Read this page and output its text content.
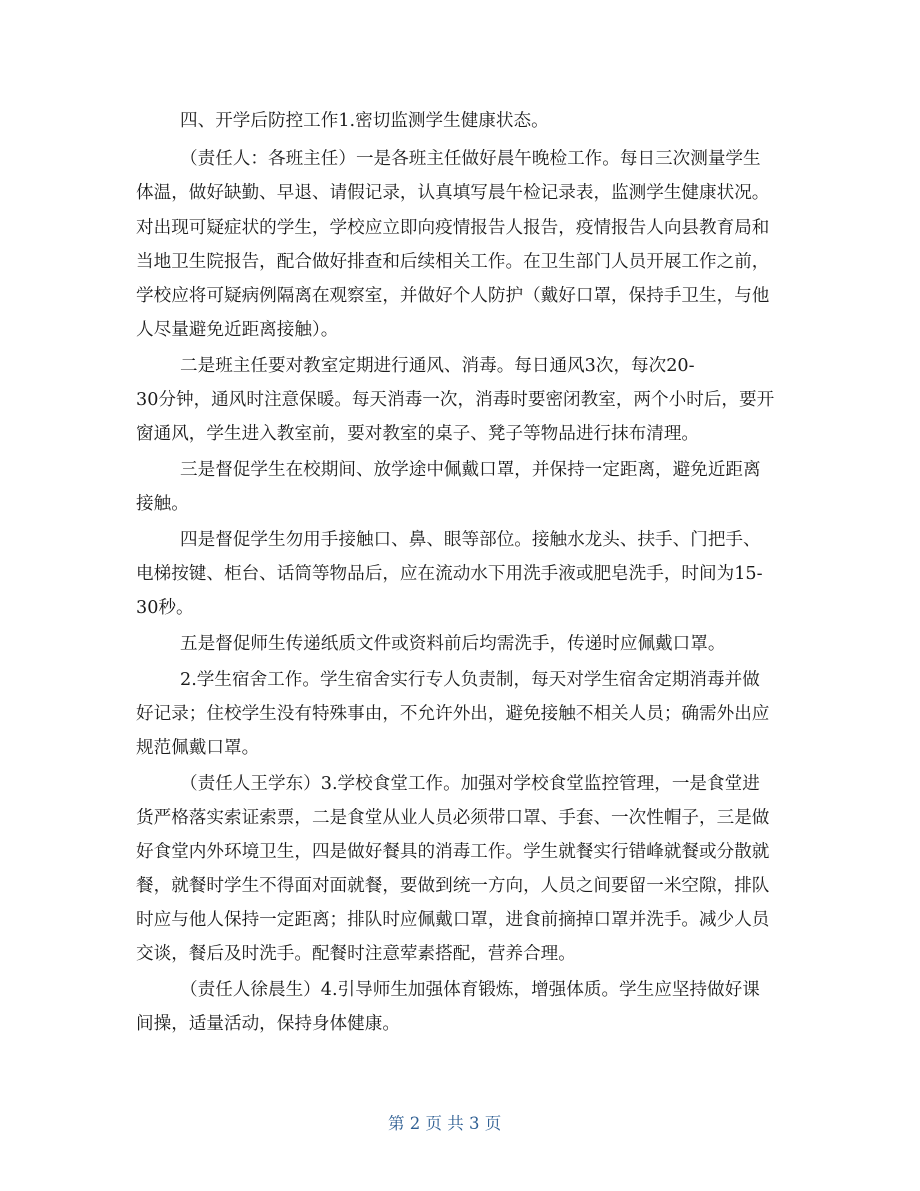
四、开学后防控工作1.密切监测学生健康状态。
（责任人：各班主任）一是各班主任做好晨午晚检工作。每日三次测量学生
体温，做好缺勤、早退、请假记录，认真填写晨午检记录表，监测学生健康状况。
对出现可疑症状的学生，学校应立即向疫情报告人报告，疫情报告人向县教育局和
当地卫生院报告，配合做好排查和后续相关工作。在卫生部门人员开展工作之前，
学校应将可疑病例隔离在观察室，并做好个人防护（戴好口罩，保持手卫生，与他
人尽量避免近距离接触）。
二是班主任要对教室定期进行通风、消毒。每日通风3次，每次20-
30分钟，通风时注意保暖。每天消毒一次，消毒时要密闭教室，两个小时后，要开
窗通风，学生进入教室前，要对教室的桌子、凳子等物品进行抹布清理。
三是督促学生在校期间、放学途中佩戴口罩，并保持一定距离，避免近距离
接触。
四是督促学生勿用手接触口、鼻、眼等部位。接触水龙头、扶手、门把手、
电梯按键、柜台、话筒等物品后，应在流动水下用洗手液或肥皂洗手，时间为15-
30秒。
五是督促师生传递纸质文件或资料前后均需洗手，传递时应佩戴口罩。
2.学生宿舍工作。学生宿舍实行专人负责制，每天对学生宿舍定期消毒并做
好记录；住校学生没有特殊事由，不允许外出，避免接触不相关人员；确需外出应
规范佩戴口罩。
（责任人王学东）3.学校食堂工作。加强对学校食堂监控管理，一是食堂进
货严格落实索证索票，二是食堂从业人员必须带口罩、手套、一次性帽子，三是做
好食堂内外环境卫生，四是做好餐具的消毒工作。学生就餐实行错峰就餐或分散就
餐，就餐时学生不得面对面就餐，要做到统一方向，人员之间要留一米空隙，排队
时应与他人保持一定距离；排队时应佩戴口罩，进食前摘掉口罩并洗手。减少人员
交谈，餐后及时洗手。配餐时注意荤素搭配，营养合理。
（责任人徐晨生）4.引导师生加强体育锻炼，增强体质。学生应坚持做好课
间操，适量活动，保持身体健康。
第 2 页 共 3 页
